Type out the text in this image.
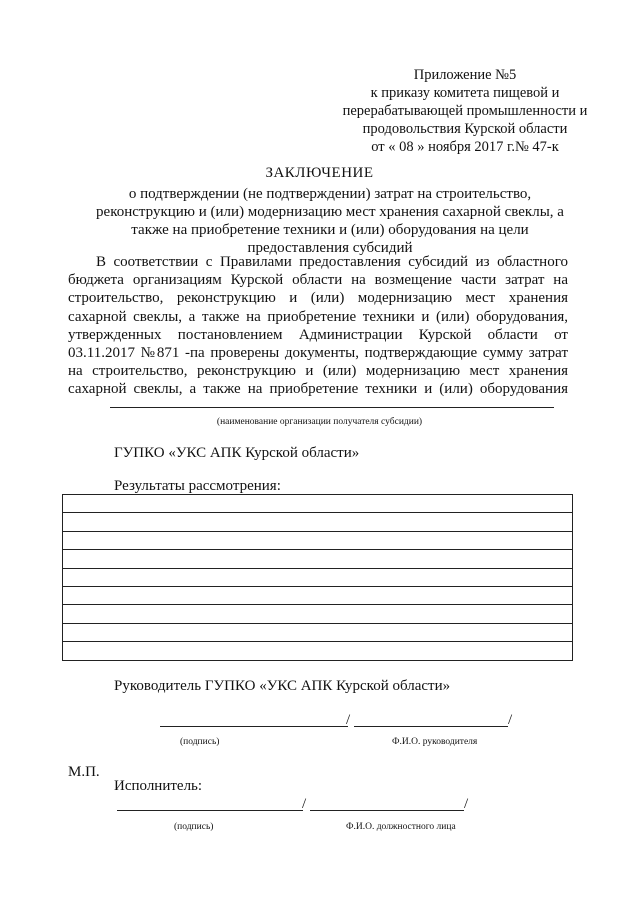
Приложение №5
к приказу комитета пищевой и
перерабатывающей промышленности и
продовольствия Курской области
от « 08 » ноября 2017 г.№ 47-к
ЗАКЛЮЧЕНИЕ
о подтверждении (не подтверждении) затрат на строительство,
реконструкцию и (или) модернизацию мест хранения сахарной свеклы, а
также на приобретение техники и (или) оборудования на цели
предоставления субсидий
В соответствии с Правилами предоставления субсидий из областного
бюджета организациям Курской области на возмещение части затрат на
строительство, реконструкцию и (или) модернизацию мест хранения
сахарной свеклы, а также на приобретение техники и (или) оборудования,
утвержденных постановлением Администрации Курской области от
03.11.2017 №871 -па проверены документы, подтверждающие сумму затрат
на строительство, реконструкцию и (или) модернизацию мест хранения
сахарной свеклы, а также на приобретение техники и (или) оборудования
(наименование организации получателя субсидии)
ГУПКО «УКС АПК Курской области»
Результаты рассмотрения:

Руководитель ГУПКО «УКС АПК Курской области»
/	/
(подпись)	Ф.И.О. руководителя
М.П.
Исполнитель:
/	/
(подпись)	Ф.И.О. должностного лица
